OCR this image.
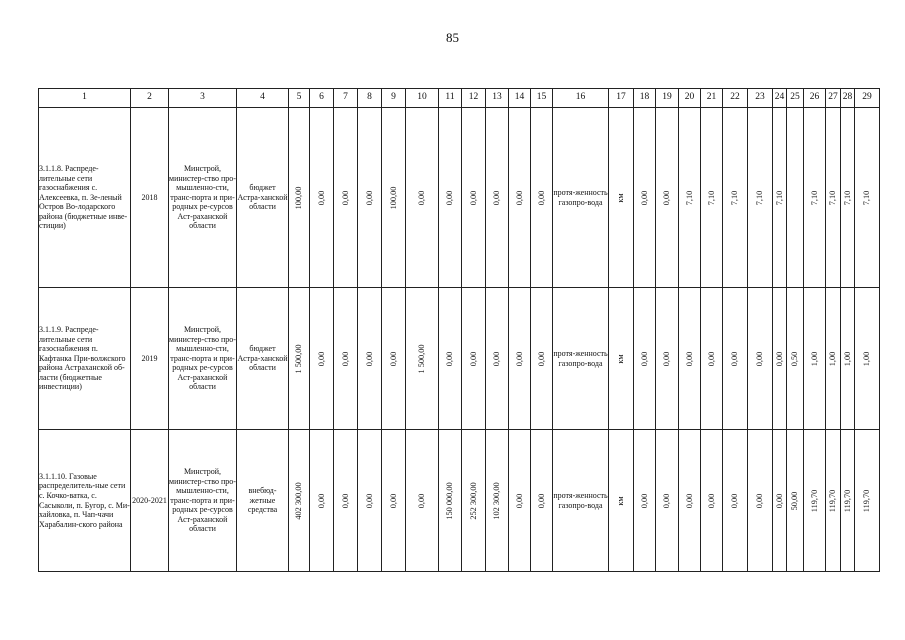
85
1	2	3	4	5	6	7	8	9	10	11	12	13	14	15	16	17	18	19	20	21	22	23	24	25	26	27	28	29
3.1.1.8. Распреде-лительные сети газоснабжения с. Алексеевка, п. Зе-леный Остров Во-лодарского района (бюджетные инве-стиции)	2018	Минстрой, министер-ство про-мышленно-сти, транс-порта и при-родных ре-сурсов Аст-раханской области	бюджет Астра-ханской области	100,00	0,00	0,00	0,00	100,00	0,00	0,00	0,00	0,00	0,00	0,00	протя-женность газопро-вода	км	0,00	0,00	7,10	7,10	7,10	7,10	7,10		7,10	7,10	7,10	7,10

3.1.1.9. Распреде-лительные сети газоснабжения п. Кафтанка При-волжского района Астраханской об-ласти (бюджетные инвестиции)	2019	Минстрой, министер-ство про-мышленно-сти, транс-порта и при-родных ре-сурсов Аст-раханской области	бюджет Астра-ханской области	1 500,00	0,00	0,00	0,00	0,00	1 500,00	0,00	0,00	0,00	0,00	0,00	протя-женность газопро-вода	км	0,00	0,00	0,00	0,00	0,00	0,00	0,00	0,50	1,00	1,00	1,00	1,00

3.1.1.10. Газовые распределитель-ные сети с. Кочко-ватка, с. Сасыколи, п. Бугор, с. Ми-хайловка, п. Чап-чачи Харабалин-ского района	2020-2021	Минстрой, министер-ство про-мышленно-сти, транс-порта и при-родных ре-сурсов Аст-раханской области	внебюд-жетные средства	402 300,00	0,00	0,00	0,00	0,00	0,00	150 000,00	252 300,00	102 300,00	0,00	0,00	протя-женность газопро-вода	км	0,00	0,00	0,00	0,00	0,00	0,00	0,00	50,00	119,70	119,70	119,70	119,70
